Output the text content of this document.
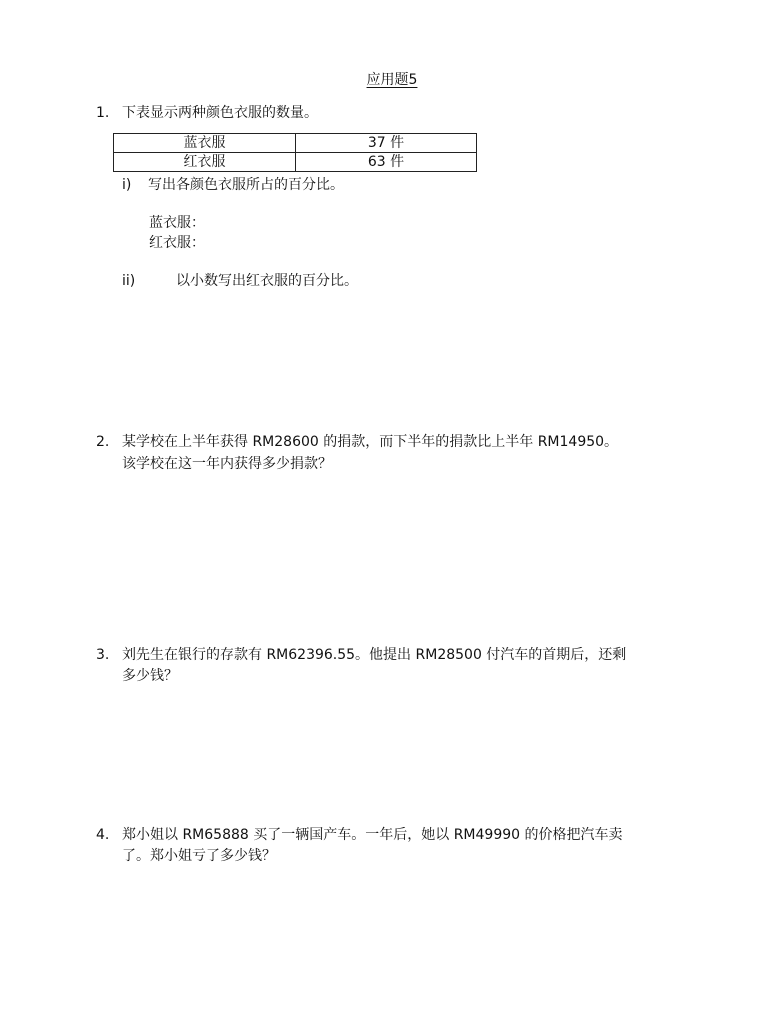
应用题5
1. 下表显示两种颜色衣服的数量。
蓝衣服	37 件
红衣服	63 件
i) 写出各颜色衣服所占的百分比。
蓝衣服：
红衣服：
ii)	以小数写出红衣服的百分比。
2. 某学校在上半年获得 RM28600 的捐款，而下半年的捐款比上半年 RM14950。
该学校在这一年内获得多少捐款？
3. 刘先生在银行的存款有 RM62396.55。他提出 RM28500 付汽车的首期后，还剩
多少钱？
4. 郑小姐以 RM65888 买了一辆国产车。一年后，她以 RM49990 的价格把汽车卖
了。郑小姐亏了多少钱？
